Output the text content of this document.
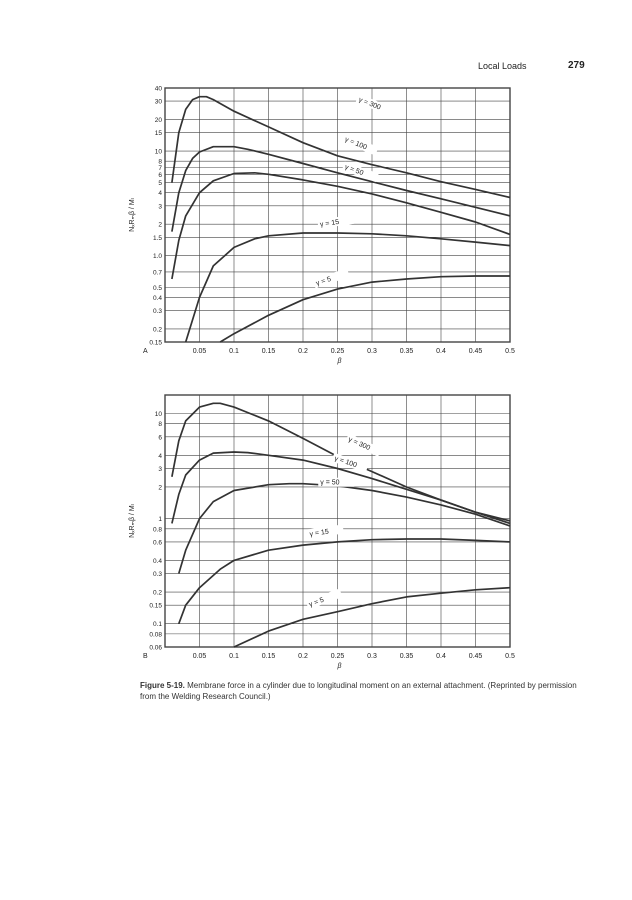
Local Loads	279
0.05	0.1	0.15	0.2	0.25	0.3	0.35	0.4	0.45	0.5
0.15
0.2
0.3
0.4
0.5
0.7
1.0
1.5
2
3
4
5
6
7
8
10
15
20
30
40
A
β
NₓRₘβ / Mₗ
γ = 300
γ = 100
γ = 50
γ = 15
γ = 5
0.05	0.1	0.15	0.2	0.25	0.3	0.35	0.4	0.45	0.5
0.06
0.08
0.1
0.15
0.2
0.3
0.4
0.6
0.8
1
2
3
4
6
8
10
B
β
NₓRₘβ / Mₗ
γ = 300
γ = 100
γ = 50
γ = 15
γ = 5
Figure 5-19. Membrane force in a cylinder due to longitudinal moment on an external attachment. (Reprinted by permission from the Welding Research Council.)
